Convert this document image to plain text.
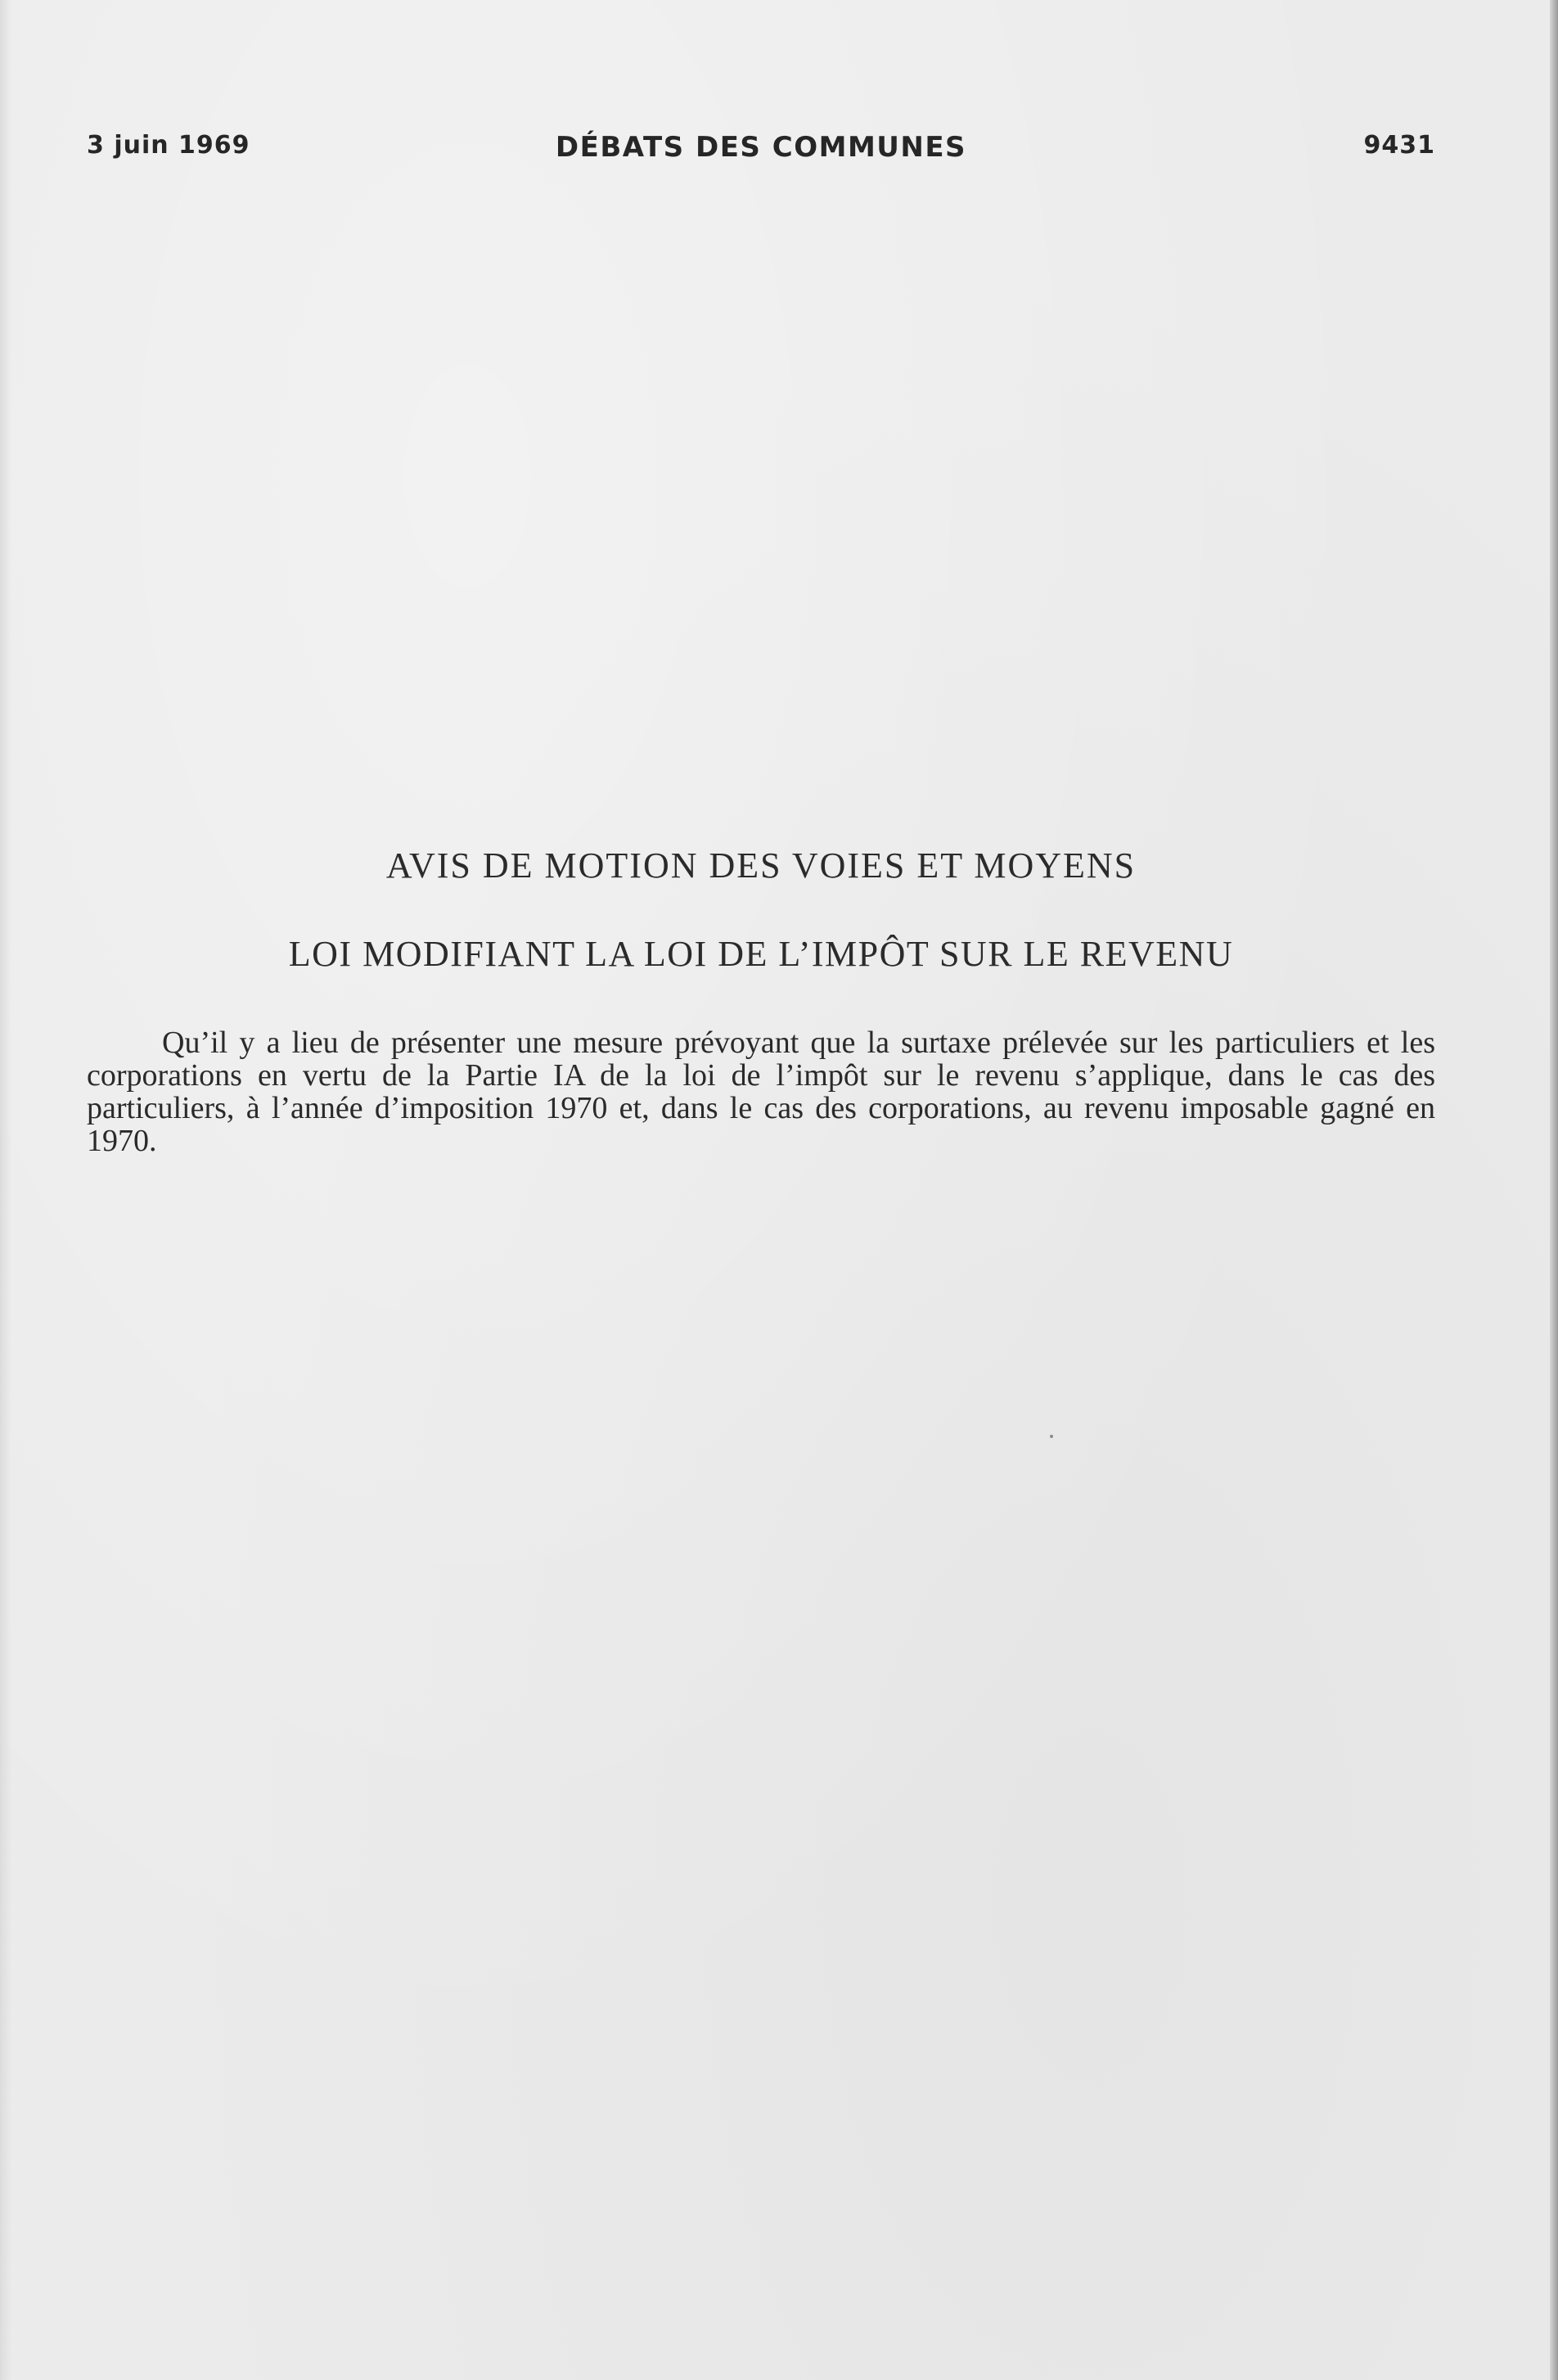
3 juin 1969	DÉBATS DES COMMUNES	9431
AVIS DE MOTION DES VOIES ET MOYENS
LOI MODIFIANT LA LOI DE L’IMPÔT SUR LE REVENU

Qu’il y a lieu de présenter une mesure prévoyant que la surtaxe prélevée sur les particuliers et les corporations en vertu de la Partie IA de la loi de l’impôt sur le revenu s’applique, dans le cas des particuliers, à l’année d’imposition 1970 et, dans le cas des corporations, au revenu imposable gagné en 1970.
